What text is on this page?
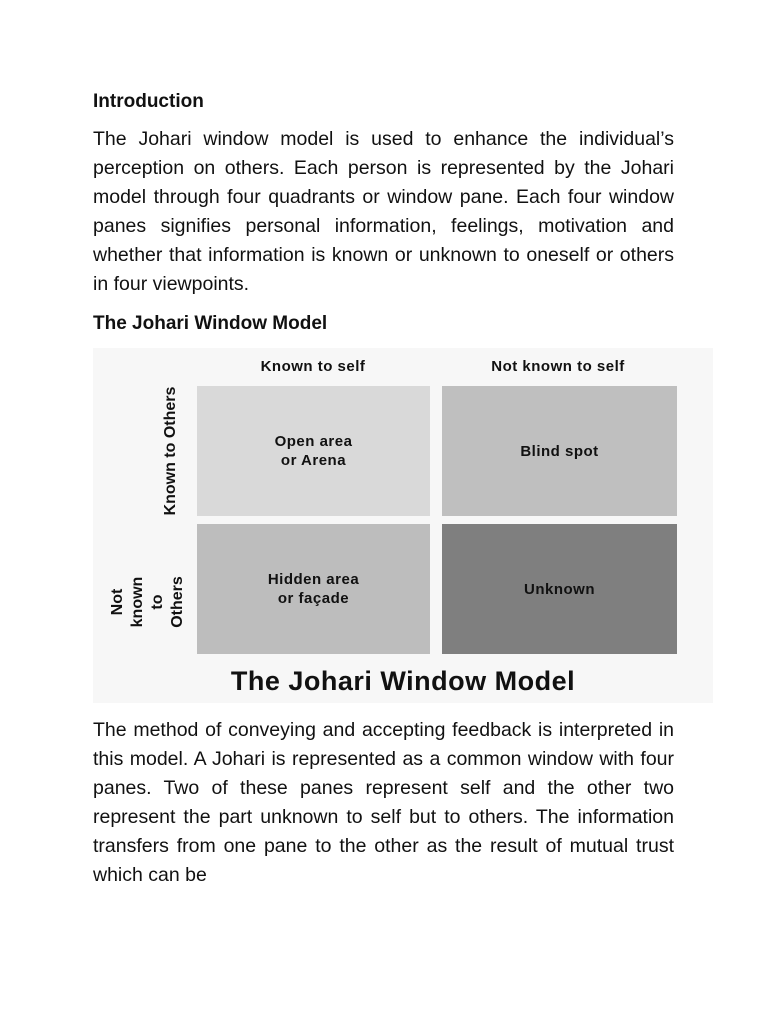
Introduction
The Johari window model is used to enhance the individual’s perception on others. Each person is represented by the Johari model through four quadrants or window pane. Each four window panes signifies personal information, feelings, motivation and whether that information is known or unknown to oneself or others in four viewpoints.
The Johari Window Model
Known to self	Not known to self
Known to Others
Not known to Others
Open area
or Arena
Blind spot
Hidden area
or façade
Unknown
The Johari Window Model
The method of conveying and accepting feedback is interpreted in this model. A Johari is represented as a common window with four panes. Two of these panes represent self and the other two represent the part unknown to self but to others. The information transfers from one pane to the other as the result of mutual trust which can be
